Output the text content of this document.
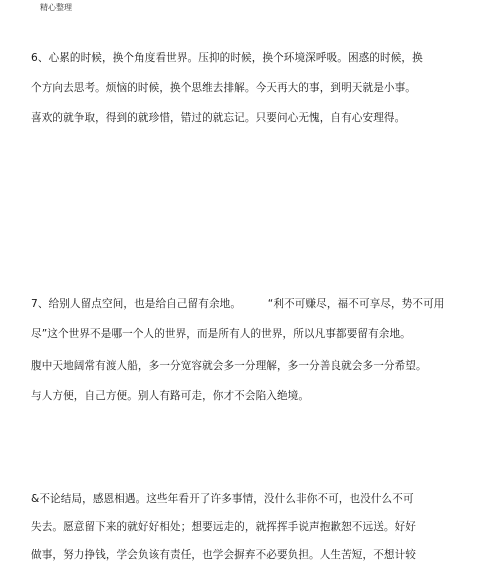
精心整理
6、心累的时候，换个角度看世界。压抑的时候，换个环境深呼吸。困惑的时候，换
个方向去思考。烦恼的时候，换个思维去排解。今天再大的事，到明天就是小事。
喜欢的就争取，得到的就珍惜，错过的就忘记。只要问心无愧，自有心安理得。
7、给别人留点空间，也是给自己留有余地。　　　“利不可赚尽，福不可享尽，势不可用
尽”这个世界不是哪一个人的世界，而是所有人的世界，所以凡事都要留有余地。
腹中天地阔常有渡人船，多一分宽容就会多一分理解，多一分善良就会多一分希望。
与人方便，自己方便。别人有路可走，你才不会陷入绝境。
&不论结局，感恩相遇。这些年看开了许多事情，没什么非你不可，也没什么不可
失去。愿意留下来的就好好相处；想要远走的，就挥挥手说声抱歉恕不远送。好好
做事，努力挣钱，学会负该有责任，也学会摒弃不必要负担。人生苦短，不想计较
